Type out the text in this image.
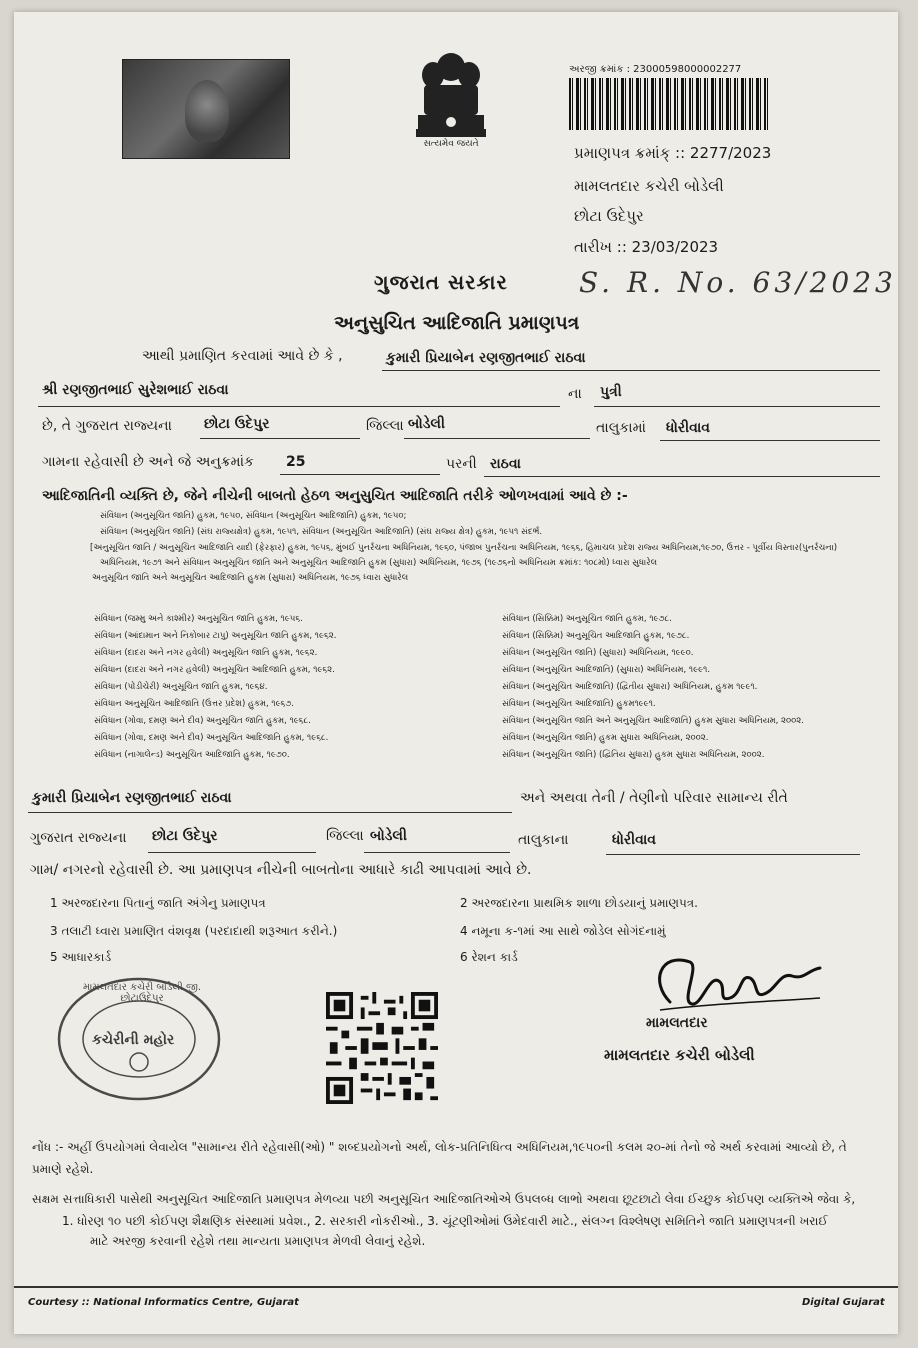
સત્યમેવ જયતે
અરજી ક્રમાંક : 23000598000002277
પ્રમાણપત્ર ક્રમાંક્ :: 2277/2023
મામલતદાર કચેરી બોડેલી
છોટા ઉદેપુર
તારીખ :: 23/03/2023
ગુજરાત સરકાર	S. R. No. 63/2023
અનુસુચિત આદિજાતિ પ્રમાણપત્ર
આથી પ્રમાણિત કરવામાં આવે છે કે ,	કુમારી પ્રિયાબેન રણજીતભાઈ રાઠવા
શ્રી રણજીતભાઈ સુરેશભાઈ રાઠવા	ના પુત્રી
છે, તે ગુજરાત રાજ્યના છોટા ઉદેપુર	જિલ્લા બોડેલી	તાલુકામાં ધોરીવાવ
ગામના રહેવાસી છે અને જે અનુક્રમાંક 25	પરની રાઠવા
આદિજાતિની વ્યક્તિ છે, જેને નીચેની બાબતો હેઠળ અનુસુચિત આદિજાતિ તરીકે ઓળખવામાં આવે છે :-
સંવિધાન (અનુસૂચિત જાતિ) હુકમ, ૧૯૫૦, સંવિધાન (અનુસૂચિત આદિજાતિ) હુકમ, ૧૯૫૦;
સંવિધાન (અનુસૂચિત જાતિ) (સંઘ રાજ્યક્ષેત્ર) હુકમ, ૧૯૫૧, સંવિધાન (અનુસૂચિત આદિજાતિ) (સંઘ રાજ્ય ક્ષેત્ર) હુકમ, ૧૯૫૧ સંદર્ભ.
[અનુસૂચિત જાતિ / અનુસૂચિત આદિજાતિ યાદી (ફેરફાર) હુકમ, ૧૯૫૬, મુંબઈ પુનર્રચના અધિનિયમ, ૧૯૬૦, પંજાબ પુનર્રચના અધિનિયમ, ૧૯૬૬, હિમાચલ પ્રદેશ રાજ્ય અધિનિયમ,૧૯૭૦, ઉત્તર - પૂર્વીય વિસ્તાર(પુનર્રચના)
અધિનિયમ, ૧૯૭૧ અને સંવિધાન અનુસૂચિત જાતિ અને અનુસૂચિત આદિજાતિ હુકમ (સુધારા) અધિનિયમ, ૧૯૭૬ (૧૯૭૬નો અધિનિયમ ક્રમાંક: ૧૦૮મો) ધ્વારા સુધારેલ
અનુસૂચિત જાતિ અને અનુસૂચિત આદિજાતિ હુકમ (સુધારા) અધિનિયમ, ૧૯૭૬ ધ્વારા સુધારેલ
સંવિધાન (જમ્મુ અને કાશ્મીર) અનુસૂચિત જાતિ હુકમ, ૧૯૫૬.
સંવિધાન (આંદામાન અને નિકોબાર ટાપુ) અનુસૂચિત જાતિ હુકમ, ૧૯૬૨.
સંવિધાન (દાદરા અને નગર હવેલી) અનુસૂચિત જાતિ હુકમ, ૧૯૬૨.
સંવિધાન (દાદરા અને નગર હવેલી) અનુસૂચિત આદિજાતિ હુકમ, ૧૯૬૨.
સંવિધાન (પોંડીચેરી) અનુસૂચિત જાતિ હુકમ, ૧૯૬૪.
સંવિધાન અનુસૂચિત આદિજાતિ (ઉત્તર પ્રદેશ) હુકમ, ૧૯૬૭.
સંવિધાન (ગોવા, દમણ અને દીવ) અનુસૂચિત જાતિ હુકમ, ૧૯૬૮.
સંવિધાન (ગોવા, દમણ અને દીવ) અનુસૂચિત આદિજાતિ હુકમ, ૧૯૬૮.
સંવિધાન (નાગાલેન્ડ) અનુસૂચિત આદિજાતિ હુકમ, ૧૯૭૦.
સંવિધાન (સિક્કિમ) અનુસૂચિત જાતિ હુકમ, ૧૯૭૮.
સંવિધાન (સિક્કિમ) અનુસૂચિત આદિજાતિ હુકમ, ૧૯૭૮.
સંવિધાન (અનુસૂચિત જાતિ) (સુધારા) અધિનિયમ, ૧૯૯૦.
સંવિધાન (અનુસૂચિત આદિજાતિ) (સુધારા) અધિનિયમ, ૧૯૯૧.
સંવિધાન (અનુસૂચિત આદિજાતિ) (દ્વિતીય સુધારા) અધિનિયમ, હુકમ ૧૯૯૧.
સંવિધાન (અનુસૂચિત આદિજાતિ) હુકમ૧૯૯૧.
સંવિધાન (અનુસૂચિત જાતિ અને અનુસૂચિત આદિજાતિ) હુકમ સુધારા અધિનિયમ, ૨૦૦૨.
સંવિધાન (અનુસૂચિત જાતિ) હુકમ સુધારા અધિનિયમ, ૨૦૦૨.
સંવિધાન (અનુસૂચિત જાતિ) (દ્વિતિય સુધારા) હુકમ સુધારા અધિનિયમ, ૨૦૦૨.
કુમારી પ્રિયાબેન રણજીતભાઈ રાઠવા	અને અથવા તેની / તેણીનો પરિવાર સામાન્ય રીતે
ગુજરાત રાજ્યના છોટા ઉદેપુર	જિલ્લા બોડેલી	તાલુકાના	ધોરીવાવ
ગામ/ નગરનો રહેવાસી છે. આ પ્રમાણપત્ર નીચેની બાબતોના આધારે કાઢી આપવામાં આવે છે.
1 અરજદારના પિતાનું જાતિ અંગેનુ પ્રમાણપત્ર	2 અરજદારના પ્રાથમિક શાળા છોડયાનું પ્રમાણપત્ર.
3 તલાટી ધ્વારા પ્રમાણિત વંશવૃક્ષ (પરદાદાથી શરૂઆત કરીને.)	4 નમૂના ક-૧માં આ સાથે જોડેલ સોગંદનામું
5 આધારકાર્ડ	6 રેશન કાર્ડ
મામલતદાર કચેરી બોડેલી જી. છોટાઉદેપુર
કચેરીની મહોર
મામલતદાર
મામલતદાર કચેરી બોડેલી
નોંધ :- અહીં ઉપયોગમાં લેવાયેલ "સામાન્ય રીતે રહેવાસી(ઓ) " શબ્દપ્રયોગનો અર્થ, લોક-પ્રતિનિધિત્વ અધિનિયમ,૧૯૫૦ની કલમ ૨૦-માં તેનો જે અર્થ કરવામાં આવ્યો છે, તે
પ્રમાણે રહેશે.
સક્ષમ સત્તાધિકારી પાસેથી અનુસૂચિત આદિજાતિ પ્રમાણપત્ર મેળવ્યા પછી અનુસૂચિત આદિજાતિઓએ ઉપલબ્ધ લાભો અથવા છૂટછાટો લેવા ઈચ્છુક કોઈપણ વ્યક્તિએ જેવા કે,
1. ધોરણ ૧૦ પછી કોઈપણ શૈક્ષણિક સંસ્થામાં પ્રવેશ., 2. સરકારી નોકરીઓ., 3. ચૂંટણીઓમાં ઉમેદવારી માટે., સંલગ્ન વિશ્લેષણ સમિતિને જાતિ પ્રમાણપત્રની ખરાઈ
માટે અરજી કરવાની રહેશે તથા માન્યતા પ્રમાણપત્ર મેળવી લેવાનું રહેશે.
Courtesy :: National Informatics Centre, Gujarat	Digital Gujarat
